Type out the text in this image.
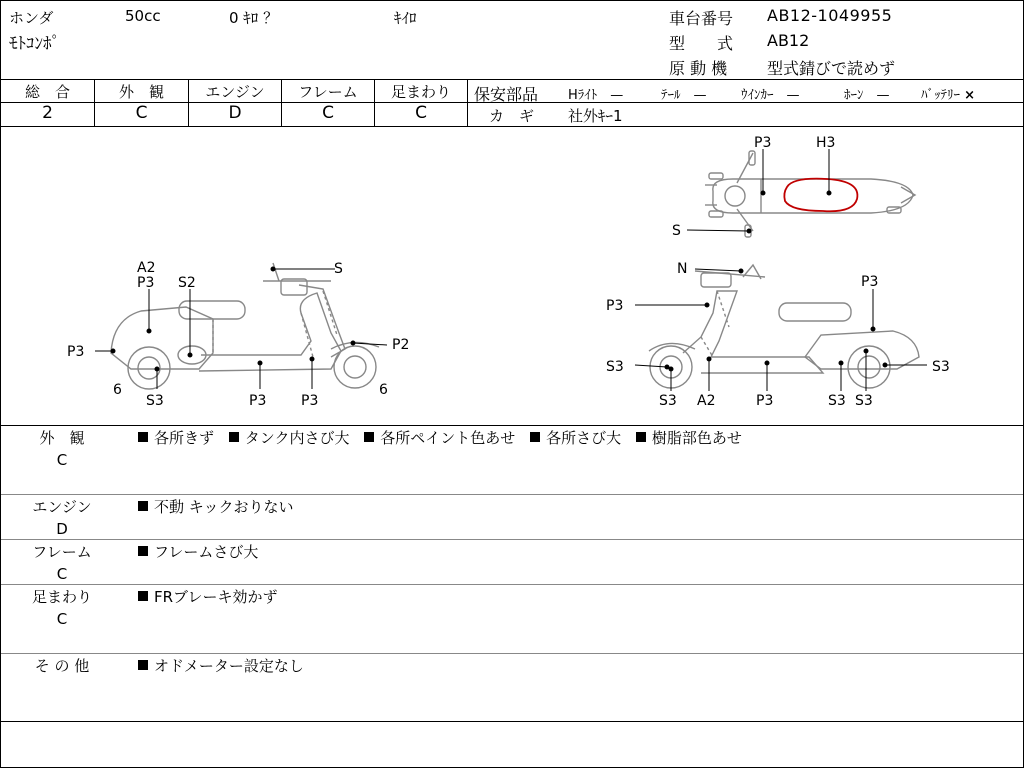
ホンダ	50cc	0 ｷﾛ ？	ｷｲﾛ
ﾓﾄｺﾝﾎﾟ
車台番号 AB12-1049955
型　　式 AB12
原 動 機 型式錆びで読めず
総　合
2
外　観
C
エンジン
D
フレーム
C
足まわり
C
保安部品 Hﾗｲﾄ　 —	ﾃｰﾙ　 —	ｳｲﾝｶｰ　 —	ﾎｰﾝ　 — ﾊﾞｯﾃﾘｰ ×
カ　ギ 社外ｷｰ1
A2
P3 S2
S
P3	P2
6
S3	P3 P3
6
P3	H3
S
N
P3
P3
S3	S3
A2	P3	S3 S3
S3
外　観
C
各所きず タンク内さび大 各所ペイント色あせ 各所さび大 樹脂部色あせ
エンジン
D
不動 キックおりない
フレーム
C
フレームさび大
足まわり
C
FRブレーキ効かず
そ の 他	オドメーター設定なし
